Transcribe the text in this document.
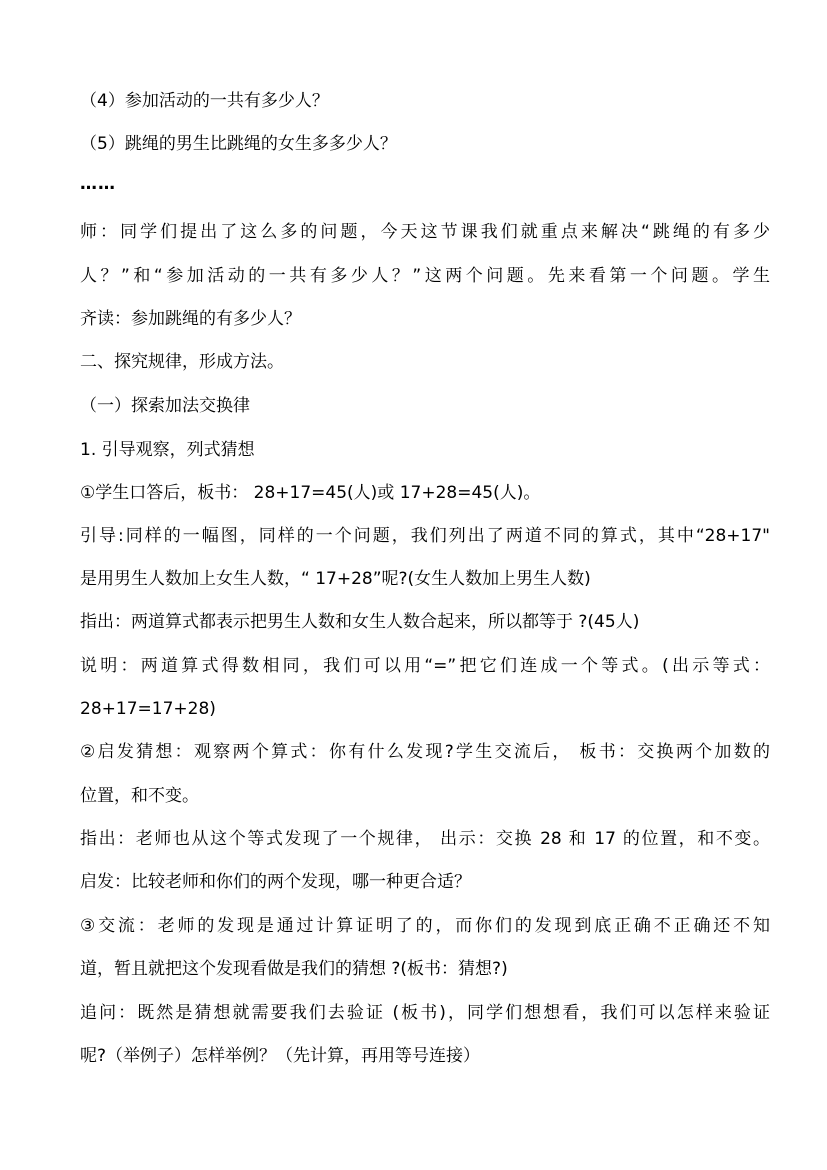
（4）参加活动的一共有多少人？
（5）跳绳的男生比跳绳的女生多多少人？
……
师：同学们提出了这么多的问题，今天这节课我们就重点来解决“跳绳的有多少
人？”和“参加活动的一共有多少人？”这两个问题。先来看第一个问题。学生
齐读：参加跳绳的有多少人？
二、探究规律，形成方法。
（一）探索加法交换律
1. 引导观察，列式猜想
①学生口答后，板书： 28+17=45(人)或 17+28=45(人)。
引导:同样的一幅图，同样的一个问题，我们列出了两道不同的算式，其中“28+17"
是用男生人数加上女生人数，“ 17+28”呢?(女生人数加上男生人数)
指出：两道算式都表示把男生人数和女生人数合起来，所以都等于 ?(45人)
说明：两道算式得数相同，我们可以用“=”把它们连成一个等式。(出示等式：
28+17=17+28)
②启发猜想：观察两个算式：你有什么发现?学生交流后， 板书：交换两个加数的
位置，和不变。
指出：老师也从这个等式发现了一个规律， 出示：交换 28 和 17 的位置，和不变。
启发：比较老师和你们的两个发现，哪一种更合适？
③交流：老师的发现是通过计算证明了的，而你们的发现到底正确不正确还不知
道，暂且就把这个发现看做是我们的猜想 ?(板书：猜想?)
追问：既然是猜想就需要我们去验证 (板书)，同学们想想看，我们可以怎样来验证
呢?（举例子）怎样举例？（先计算，再用等号连接）
